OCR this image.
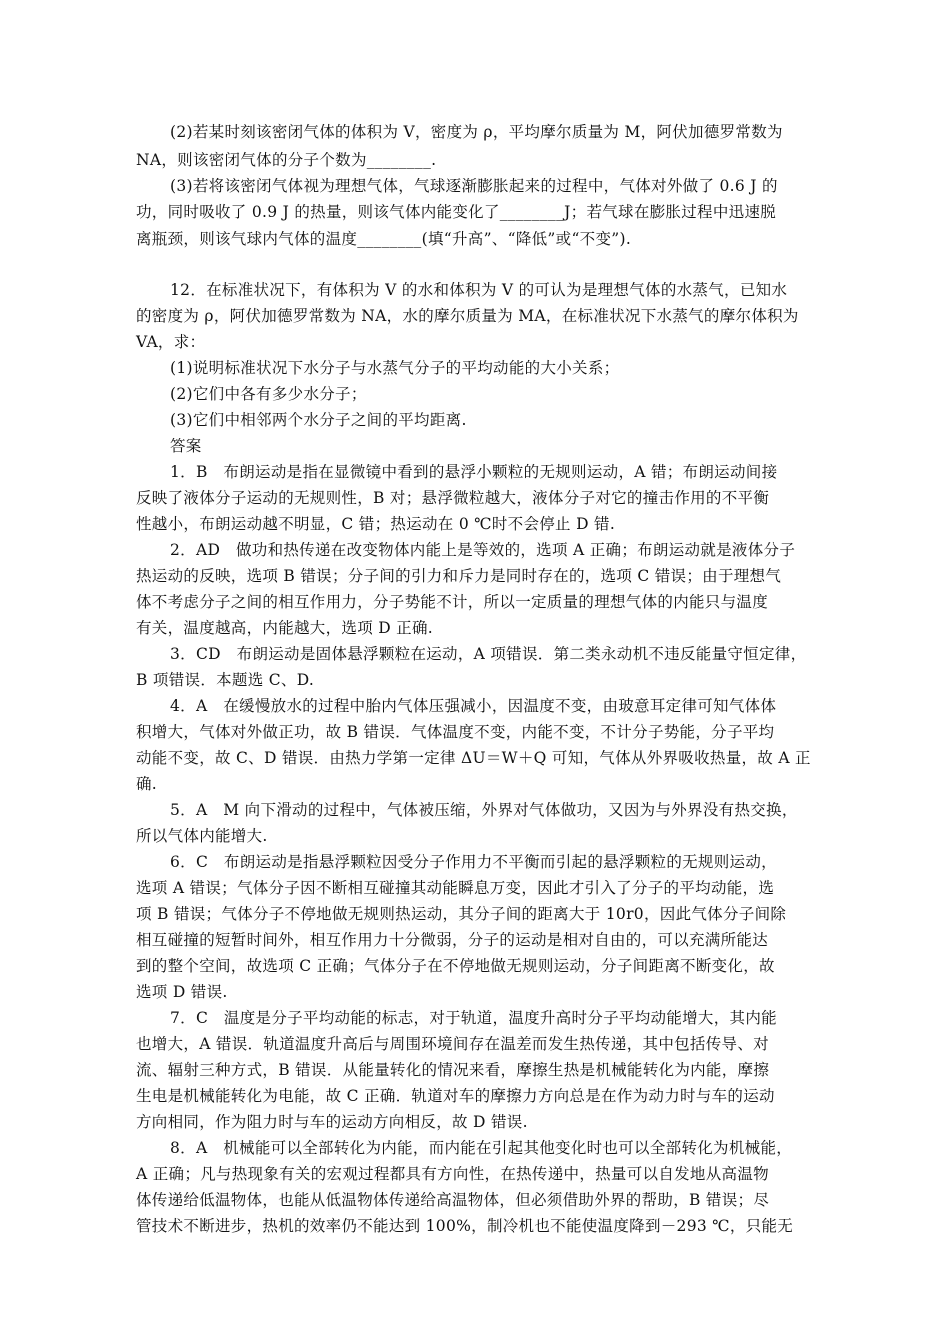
(2)若某时刻该密闭气体的体积为 V，密度为 ρ，平均摩尔质量为 M，阿伏加德罗常数为
NA，则该密闭气体的分子个数为________.
(3)若将该密闭气体视为理想气体，气球逐渐膨胀起来的过程中，气体对外做了 0.6 J 的
功，同时吸收了 0.9 J 的热量，则该气体内能变化了________J；若气球在膨胀过程中迅速脱
离瓶颈，则该气球内气体的温度________(填“升高”、“降低”或“不变”).
12．在标准状况下，有体积为 V 的水和体积为 V 的可认为是理想气体的水蒸气，已知水
的密度为 ρ，阿伏加德罗常数为 NA，水的摩尔质量为 MA，在标准状况下水蒸气的摩尔体积为
VA，求：
(1)说明标准状况下水分子与水蒸气分子的平均动能的大小关系；
(2)它们中各有多少水分子；
(3)它们中相邻两个水分子之间的平均距离.
答案
1．B　布朗运动是指在显微镜中看到的悬浮小颗粒的无规则运动，A 错；布朗运动间接
反映了液体分子运动的无规则性，B 对；悬浮微粒越大，液体分子对它的撞击作用的不平衡
性越小，布朗运动越不明显，C 错；热运动在 0 ℃时不会停止 D 错.
2．AD　做功和热传递在改变物体内能上是等效的，选项 A 正确；布朗运动就是液体分子
热运动的反映，选项 B 错误；分子间的引力和斥力是同时存在的，选项 C 错误；由于理想气
体不考虑分子之间的相互作用力，分子势能不计，所以一定质量的理想气体的内能只与温度
有关，温度越高，内能越大，选项 D 正确.
3．CD　布朗运动是固体悬浮颗粒在运动，A 项错误．第二类永动机不违反能量守恒定律，
B 项错误．本题选 C、D.
4．A　在缓慢放水的过程中胎内气体压强减小，因温度不变，由玻意耳定律可知气体体
积增大，气体对外做正功，故 B 错误．气体温度不变，内能不变，不计分子势能，分子平均
动能不变，故 C、D 错误．由热力学第一定律 ΔU＝W＋Q 可知，气体从外界吸收热量，故 A 正
确.
5．A　M 向下滑动的过程中，气体被压缩，外界对气体做功，又因为与外界没有热交换，
所以气体内能增大.
6．C　布朗运动是指悬浮颗粒因受分子作用力不平衡而引起的悬浮颗粒的无规则运动，
选项 A 错误；气体分子因不断相互碰撞其动能瞬息万变，因此才引入了分子的平均动能，选
项 B 错误；气体分子不停地做无规则热运动，其分子间的距离大于 10r0，因此气体分子间除
相互碰撞的短暂时间外，相互作用力十分微弱，分子的运动是相对自由的，可以充满所能达
到的整个空间，故选项 C 正确；气体分子在不停地做无规则运动，分子间距离不断变化，故
选项 D 错误.
7．C　温度是分子平均动能的标志，对于轨道，温度升高时分子平均动能增大，其内能
也增大，A 错误．轨道温度升高后与周围环境间存在温差而发生热传递，其中包括传导、对
流、辐射三种方式，B 错误．从能量转化的情况来看，摩擦生热是机械能转化为内能，摩擦
生电是机械能转化为电能，故 C 正确．轨道对车的摩擦力方向总是在作为动力时与车的运动
方向相同，作为阻力时与车的运动方向相反，故 D 错误.
8．A　机械能可以全部转化为内能，而内能在引起其他变化时也可以全部转化为机械能，
A 正确；凡与热现象有关的宏观过程都具有方向性，在热传递中，热量可以自发地从高温物
体传递给低温物体，也能从低温物体传递给高温物体，但必须借助外界的帮助，B 错误；尽
管技术不断进步，热机的效率仍不能达到 100%，制冷机也不能使温度降到－293 ℃，只能无
